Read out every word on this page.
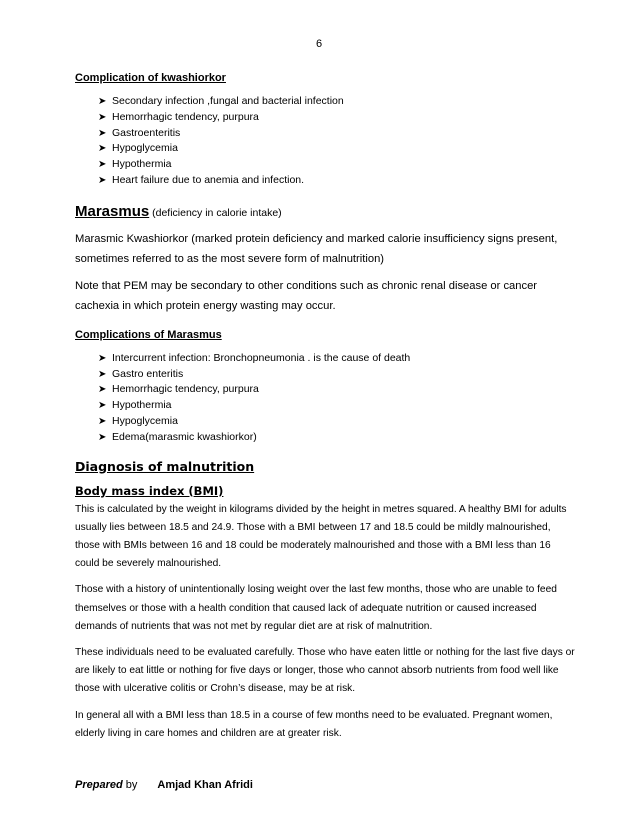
6
Complication of kwashiorkor
➤ Secondary infection ,fungal and bacterial infection
➤ Hemorrhagic tendency, purpura
➤ Gastroenteritis
➤ Hypoglycemia
➤ Hypothermia
➤ Heart failure due to anemia and infection.
Marasmus (deficiency in calorie intake)

Marasmic Kwashiorkor (marked protein deficiency and marked calorie insufficiency signs present, sometimes referred to as the most severe form of malnutrition)

Note that PEM may be secondary to other conditions such as chronic renal disease or cancer cachexia in which protein energy wasting may occur.

Complications of Marasmus
➤ Intercurrent infection: Bronchopneumonia . is the cause of death
➤ Gastro enteritis
➤ Hemorrhagic tendency, purpura
➤ Hypothermia
➤ Hypoglycemia
➤ Edema(marasmic kwashiorkor)
Diagnosis of malnutrition
Body mass index (BMI)

This is calculated by the weight in kilograms divided by the height in metres squared. A healthy BMI for adults usually lies between 18.5 and 24.9. Those with a BMI between 17 and 18.5 could be mildly malnourished, those with BMIs between 16 and 18 could be moderately malnourished and those with a BMI less than 16 could be severely malnourished.

Those with a history of unintentionally losing weight over the last few months, those who are unable to feed themselves or those with a health condition that caused lack of adequate nutrition or caused increased demands of nutrients that was not met by regular diet are at risk of malnutrition.

These individuals need to be evaluated carefully. Those who have eaten little or nothing for the last five days or are likely to eat little or nothing for five days or longer, those who cannot absorb nutrients from food well like those with ulcerative colitis or Crohn’s disease, may be at risk.

In general all with a BMI less than 18.5 in a course of few months need to be evaluated. Pregnant women, elderly living in care homes and children are at greater risk.

Prepared by Amjad Khan Afridi
